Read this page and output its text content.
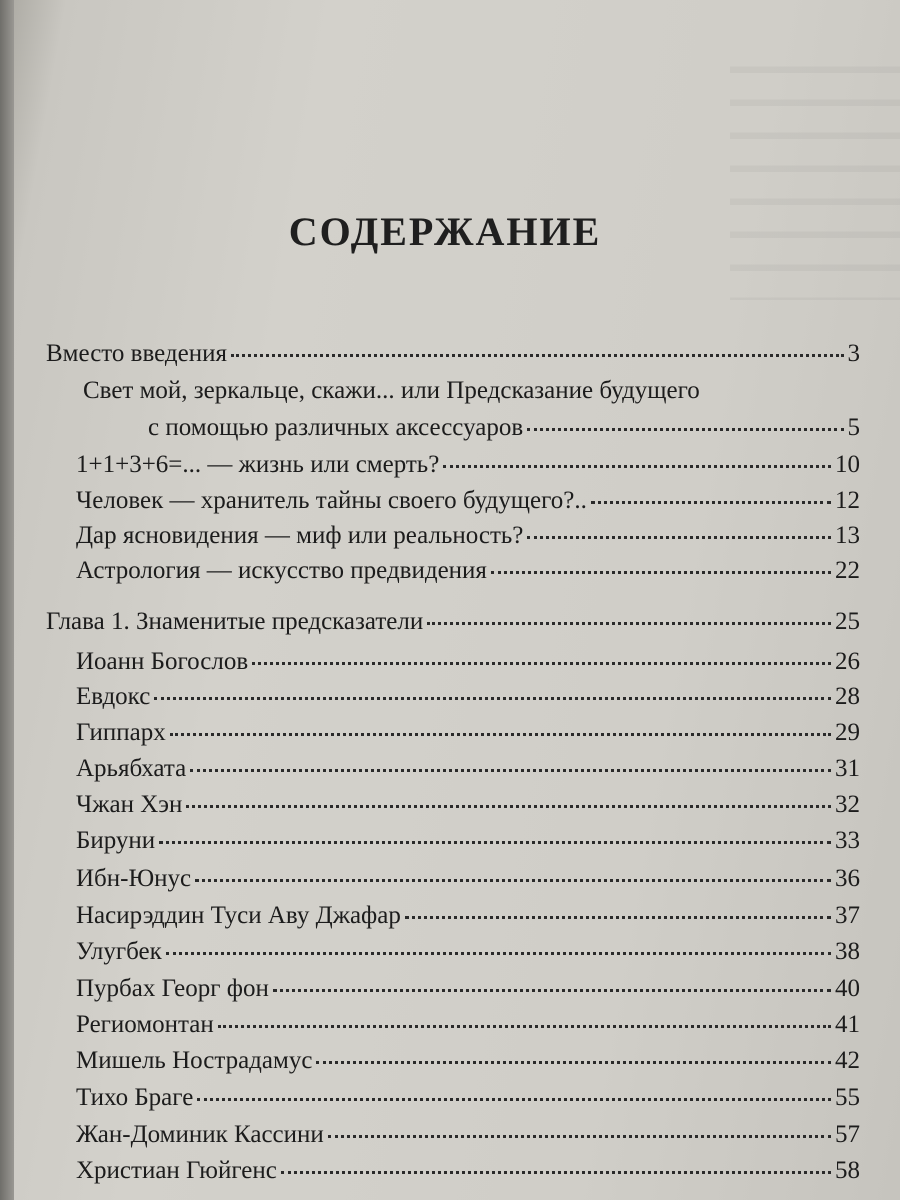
СОДЕРЖАНИЕ
Вместо введения	3
Свет мой, зеркальце, скажи... или Предсказание будущего
с помощью различных аксессуаров	5
1+1+3+6=... — жизнь или смерть?	10
Человек — хранитель тайны своего будущего?..	12
Дар ясновидения — миф или реальность?	13
Астрология — искусство предвидения	22
Глава 1. Знаменитые предсказатели	25
Иоанн Богослов	26
Евдокс	28
Гиппарх	29
Арьябхата	31
Чжан Хэн	32
Бируни	33
Ибн-Юнус	36
Насирэддин Туси Аву Джафар	37
Улугбек	38
Пурбах Георг фон	40
Региомонтан	41
Мишель Нострадамус	42
Тихо Браге	55
Жан-Доминик Кассини	57
Христиан Гюйгенс	58
